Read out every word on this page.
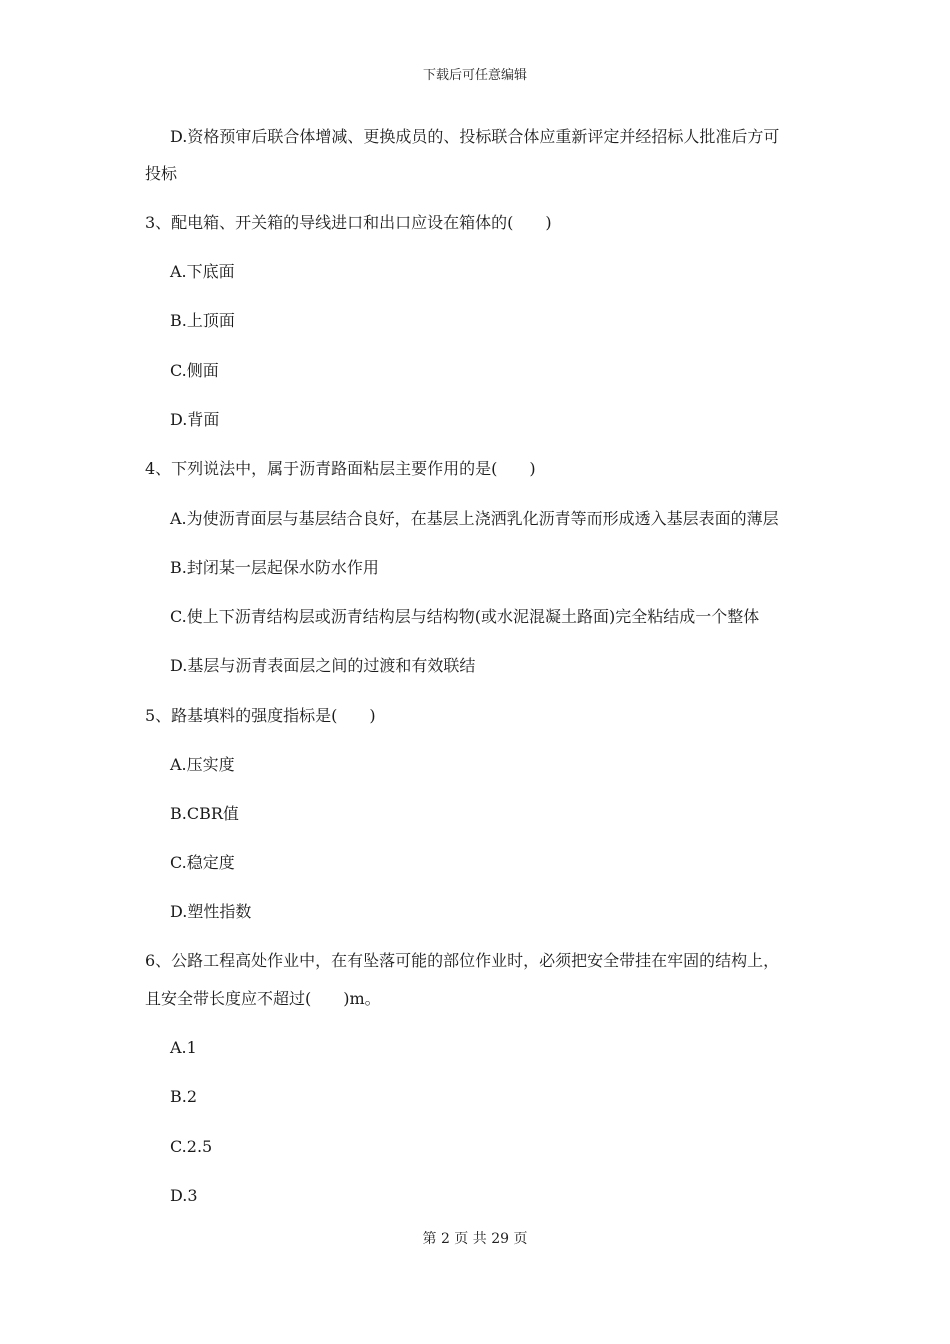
下载后可任意编辑
D.资格预审后联合体增减、更换成员的、投标联合体应重新评定并经招标人批准后方可
投标
3、配电箱、开关箱的导线进口和出口应设在箱体的(　　)
A.下底面
B.上顶面
C.侧面
D.背面
4、下列说法中，属于沥青路面粘层主要作用的是(　　)
A.为使沥青面层与基层结合良好，在基层上浇洒乳化沥青等而形成透入基层表面的薄层
B.封闭某一层起保水防水作用
C.使上下沥青结构层或沥青结构层与结构物(或水泥混凝土路面)完全粘结成一个整体
D.基层与沥青表面层之间的过渡和有效联结
5、路基填料的强度指标是(　　)
A.压实度
B.CBR值
C.稳定度
D.塑性指数
6、公路工程高处作业中，在有坠落可能的部位作业时，必须把安全带挂在牢固的结构上，
且安全带长度应不超过(　　)m。
A.1
B.2
C.2.5
D.3
第 2 页 共 29 页
